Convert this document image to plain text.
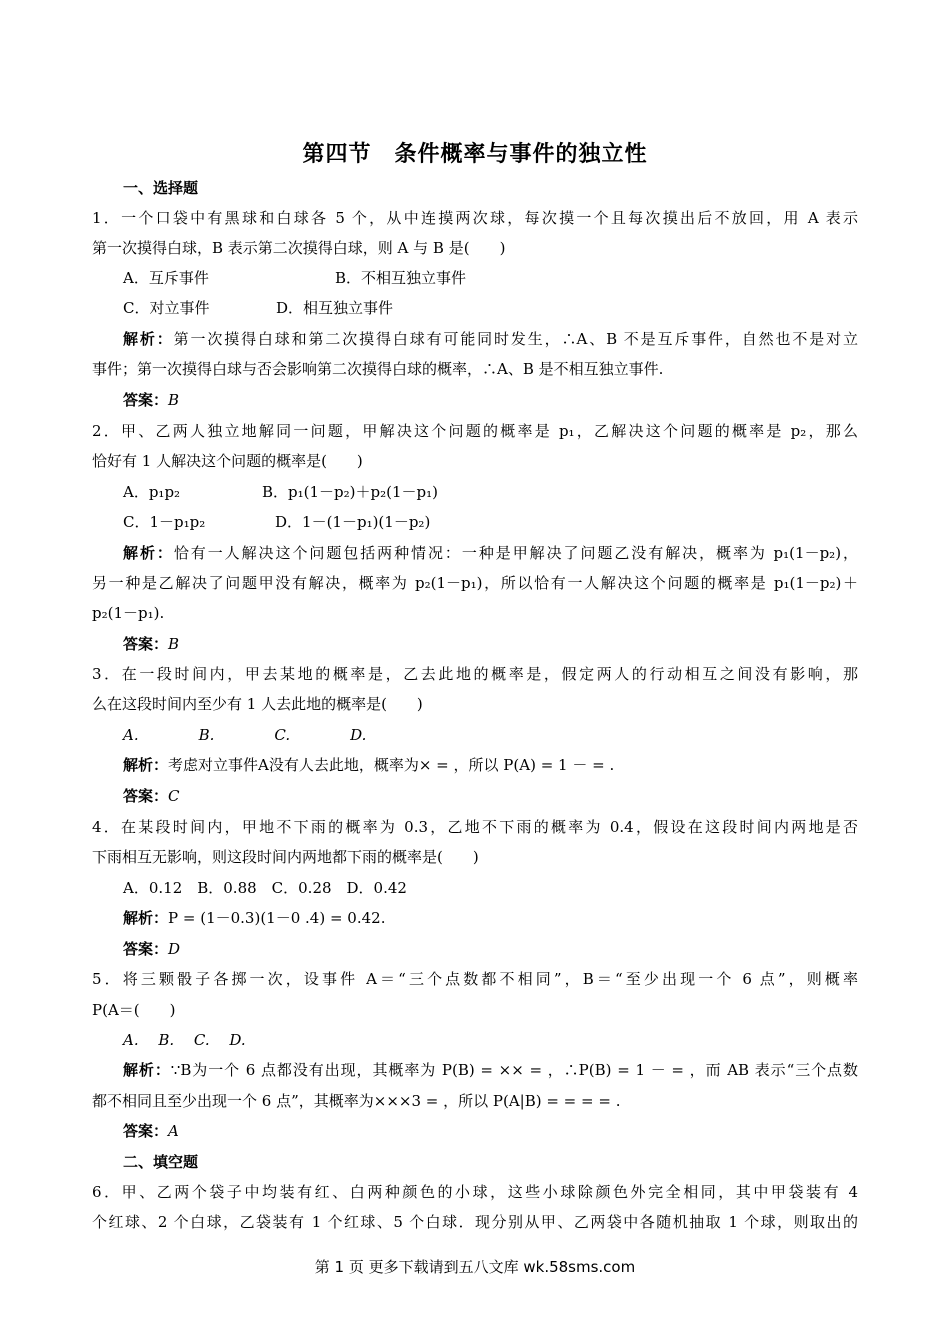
第四节　条件概率与事件的独立性
一、选择题
1．一个口袋中有黑球和白球各 5 个，从中连摸两次球，每次摸一个且每次摸出后不放回，用 A 表示
第一次摸得白球，B 表示第二次摸得白球，则 A 与 B 是(　　)
A．互斥事件	B．不相互独立事件
C．对立事件	D．相互独立事件
解析：第一次摸得白球和第二次摸得白球有可能同时发生，∴A、B 不是互斥事件，自然也不是对立
事件；第一次摸得白球与否会影响第二次摸得白球的概率，∴A、B 是不相互独立事件.
答案：B
2．甲、乙两人独立地解同一问题，甲解决这个问题的概率是 p₁，乙解决这个问题的概率是 p₂，那么
恰好有 1 人解决这个问题的概率是(　　)
A．p₁p₂	B．p₁(1－p₂)＋p₂(1－p₁)
C．1－p₁p₂	D．1－(1－p₁)(1－p₂)
解析：恰有一人解决这个问题包括两种情况：一种是甲解决了问题乙没有解决，概率为 p₁(1－p₂)，
另一种是乙解决了问题甲没有解决，概率为 p₂(1－p₁)，所以恰有一人解决这个问题的概率是 p₁(1－p₂)＋
p₂(1－p₁).
答案：B
3．在一段时间内，甲去某地的概率是，乙去此地的概率是，假定两人的行动相互之间没有影响，那
么在这段时间内至少有 1 人去此地的概率是(　　)
A.　　　　B.　　　　C.　　　　D.
解析：考虑对立事件A没有人去此地，概率为× = ，所以 P(A) = 1 － = .
答案：C
4．在某段时间内，甲地不下雨的概率为 0.3，乙地不下雨的概率为 0.4，假设在这段时间内两地是否
下雨相互无影响，则这段时间内两地都下雨的概率是(　　)
A．0.12　B．0.88　C．0.28　D．0.42
解析：P = (1－0.3)(1－0 .4) = 0.42.
答案：D
5．将三颗骰子各掷一次，设事件 A＝“三个点数都不相同”，B＝“至少出现一个 6 点”，则概率
P(A＝(　　)
A.　 B.　 C.　 D.
解析：∵B为一个 6 点都没有出现，其概率为 P(B) = ×× = ，∴P(B) = 1 － = ，而 AB 表示“三个点数
都不相同且至少出现一个 6 点”，其概率为×××3 = ，所以 P(A|B) = = = = .
答案：A
二、填空题
6．甲、乙两个袋子中均装有红、白两种颜色的小球，这些小球除颜色外完全相同，其中甲袋装有 4
个红球、2 个白球，乙袋装有 1 个红球、5 个白球．现分别从甲、乙两袋中各随机抽取 1 个球，则取出的
第 1 页 更多下载请到五八文库 wk.58sms.com
